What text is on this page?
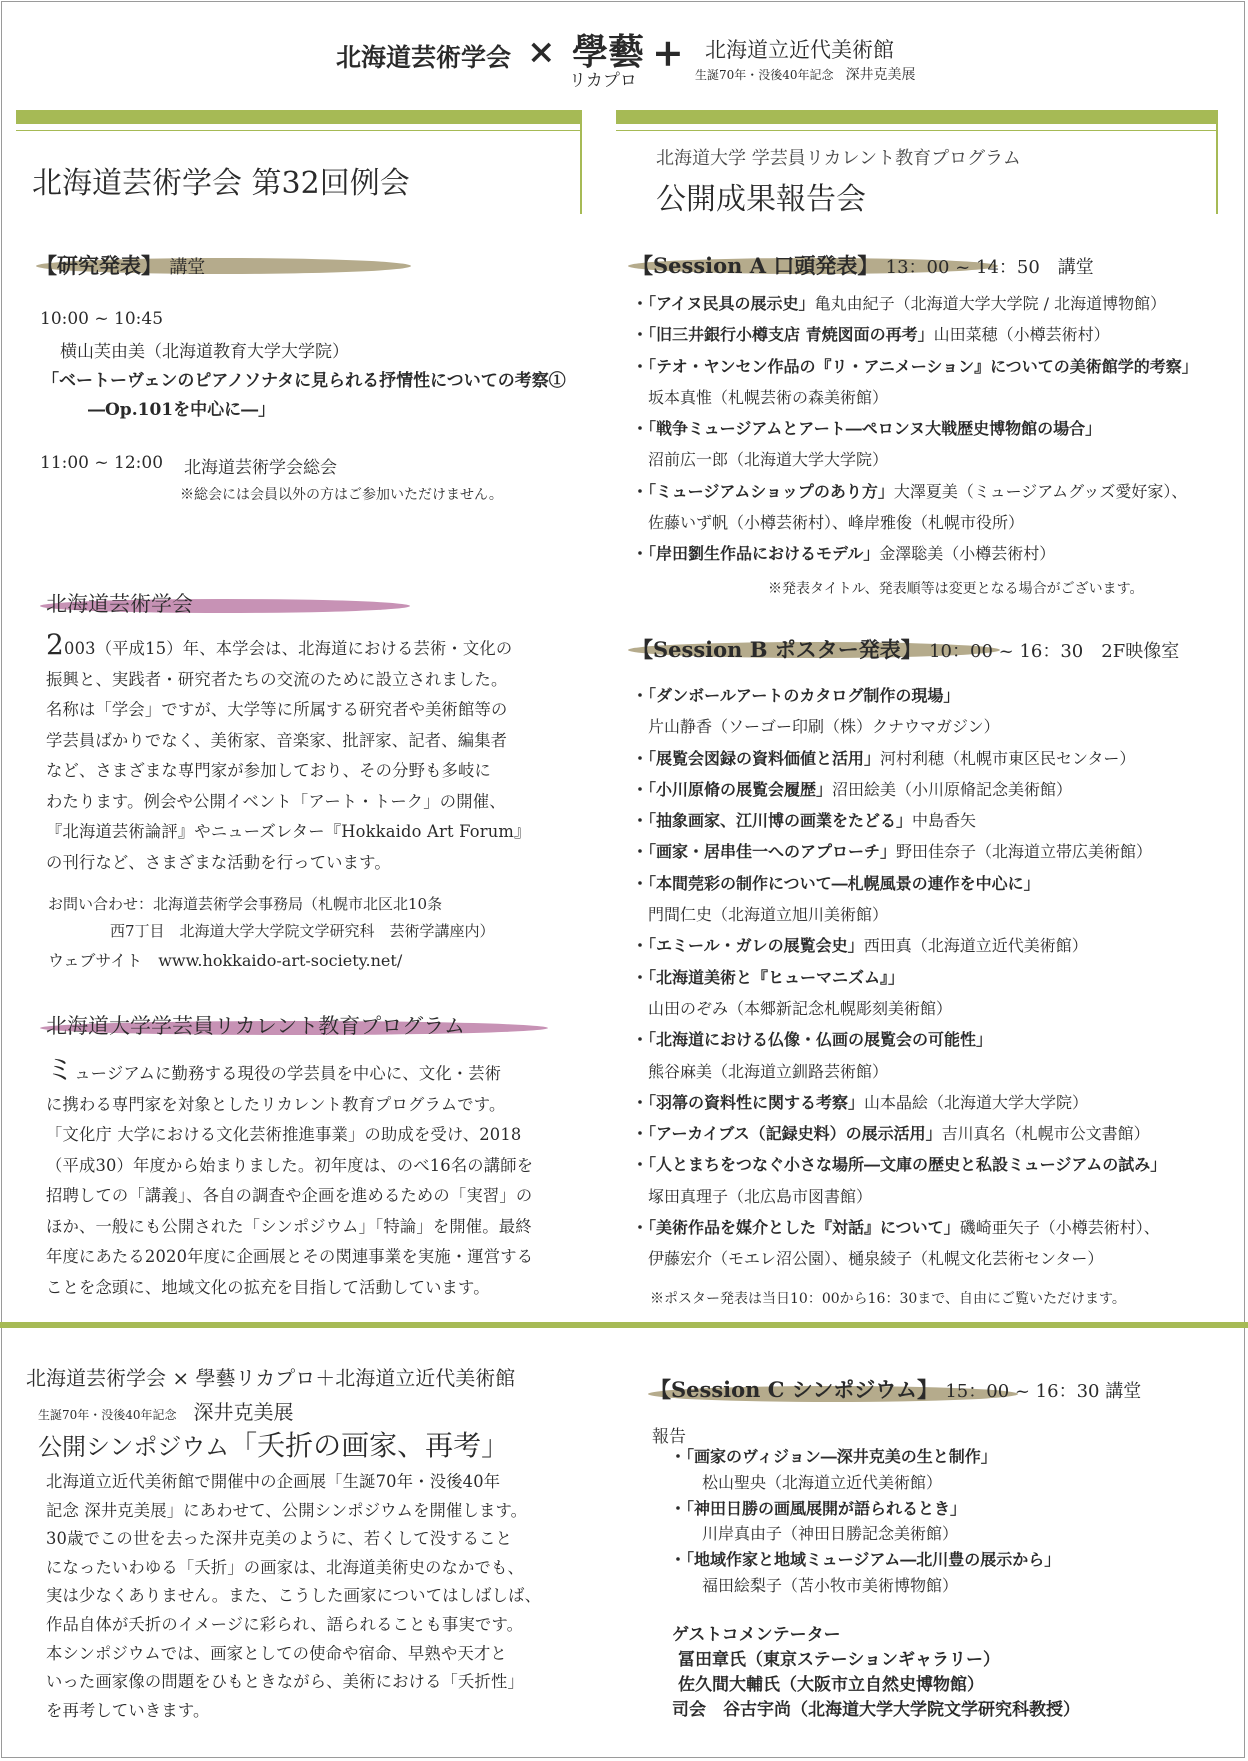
北海道芸術学会 × 學藝
リカプロ
+ 北海道立近代美術館
生誕70年・没後40年記念　 深井克美展
北海道芸術学会 第32回例会
北海道大学 学芸員リカレント教育プログラム
公開成果報告会
【研究発表】 講堂
10:00 ~ 10:45
横山芙由美（北海道教育大学大学院）
「ベートーヴェンのピアノソナタに見られる抒情性についての考察①
―Op.101を中心に―」
11:00 ~ 12:00 北海道芸術学会総会
※総会には会員以外の方はご参加いただけません。
北海道芸術学会

2003（平成15）年、本学会は、北海道における芸術・文化の

振興と、実践者・研究者たちの交流のために設立されました。

名称は「学会」ですが、大学等に所属する研究者や美術館等の

学芸員ばかりでなく、美術家、音楽家、批評家、記者、編集者

など、さまざまな専門家が参加しており、その分野も多岐に

わたります。例会や公開イベント「アート・トーク」の開催、

『北海道芸術論評』やニューズレター『Hokkaido Art Forum』

の刊行など、さまざまな活動を行っています。

お問い合わせ：北海道芸術学会事務局（札幌市北区北10条
西7丁目　北海道大学大学院文学研究科　芸術学講座内）
ウェブサイト　www.hokkaido-art-society.net/
北海道大学学芸員リカレント教育プログラム

ミュージアムに勤務する現役の学芸員を中心に、文化・芸術

に携わる専門家を対象としたリカレント教育プログラムです。

「文化庁 大学における文化芸術推進事業」の助成を受け、2018

（平成30）年度から始まりました。初年度は、のべ16名の講師を

招聘しての「講義」、各自の調査や企画を進めるための「実習」の

ほか、一般にも公開された「シンポジウム」「特論」を開催。最終

年度にあたる2020年度に企画展とその関連事業を実施・運営する

ことを念頭に、地域文化の拡充を目指して活動しています。

【Session A 口頭発表】 13：00 ~ 14：50　講堂

・「アイヌ民具の展示史」亀丸由紀子（北海道大学大学院 / 北海道博物館）

・「旧三井銀行小樽支店 青焼図面の再考」山田菜穂（小樽芸術村）

・「テオ・ヤンセン作品の『リ・アニメーション』についての美術館学的考察」

　坂本真惟（札幌芸術の森美術館）

・「戦争ミュージアムとアート―ペロンヌ大戦歴史博物館の場合」

　沼前広一郎（北海道大学大学院）

・「ミュージアムショップのあり方」大澤夏美（ミュージアムグッズ愛好家）、

　佐藤いず帆（小樽芸術村）、峰岸雅俊（札幌市役所）

・「岸田劉生作品におけるモデル」金澤聡美（小樽芸術村）

※発表タイトル、発表順等は変更となる場合がございます。
【Session B ポスター発表】 10：00 ~ 16：30　2F映像室

・「ダンボールアートのカタログ制作の現場」

　片山静香（ソーゴー印刷（株）クナウマガジン）

・「展覧会図録の資料価値と活用」河村利穂（札幌市東区民センター）

・「小川原脩の展覧会履歴」沼田絵美（小川原脩記念美術館）

・「抽象画家、江川博の画業をたどる」中島香矢

・「画家・居串佳一へのアプローチ」野田佳奈子（北海道立帯広美術館）

・「本間莞彩の制作について―札幌風景の連作を中心に」

　門間仁史（北海道立旭川美術館）

・「エミール・ガレの展覧会史」西田真（北海道立近代美術館）

・「北海道美術と『ヒューマニズム』」

　山田のぞみ（本郷新記念札幌彫刻美術館）

・「北海道における仏像・仏画の展覧会の可能性」

　熊谷麻美（北海道立釧路芸術館）

・「羽箒の資料性に関する考察」山本晶絵（北海道大学大学院）

・「アーカイブス（記録史料）の展示活用」吉川真名（札幌市公文書館）

・「人とまちをつなぐ小さな場所―文庫の歴史と私設ミュージアムの試み」

　塚田真理子（北広島市図書館）

・「美術作品を媒介とした『対話』について」磯崎亜矢子（小樽芸術村）、

　伊藤宏介（モエレ沼公園）、樋泉綾子（札幌文化芸術センター）

※ポスター発表は当日10：00から16：30まで、自由にご覧いただけます。
北海道芸術学会 × 學藝リカプロ＋北海道立近代美術館
生誕70年・没後40年記念　 深井克美展
公開シンポジウム「夭折の画家、再考」

北海道立近代美術館で開催中の企画展「生誕70年・没後40年

記念 深井克美展」にあわせて、公開シンポジウムを開催します。

30歳でこの世を去った深井克美のように、若くして没すること

になったいわゆる「夭折」の画家は、北海道美術史のなかでも、

実は少なくありません。また、こうした画家についてはしばしば、

作品自体が夭折のイメージに彩られ、語られることも事実です。

本シンポジウムでは、画家としての使命や宿命、早熟や天才と

いった画家像の問題をひもときながら、美術における「夭折性」

を再考していきます。

【Session C シンポジウム】 15：00 ~ 16：30 講堂
報告

・「画家のヴィジョン―深井克美の生と制作」

　　松山聖央（北海道立近代美術館）

・「神田日勝の画風展開が語られるとき」

　　川岸真由子（神田日勝記念美術館）

・「地域作家と地域ミュージアム―北川豊の展示から」

　　福田絵梨子（苫小牧市美術博物館）

ゲストコメンテーター
冨田章氏（東京ステーションギャラリー）
佐久間大輔氏（大阪市立自然史博物館）
司会　谷古宇尚（北海道大学大学院文学研究科教授）
